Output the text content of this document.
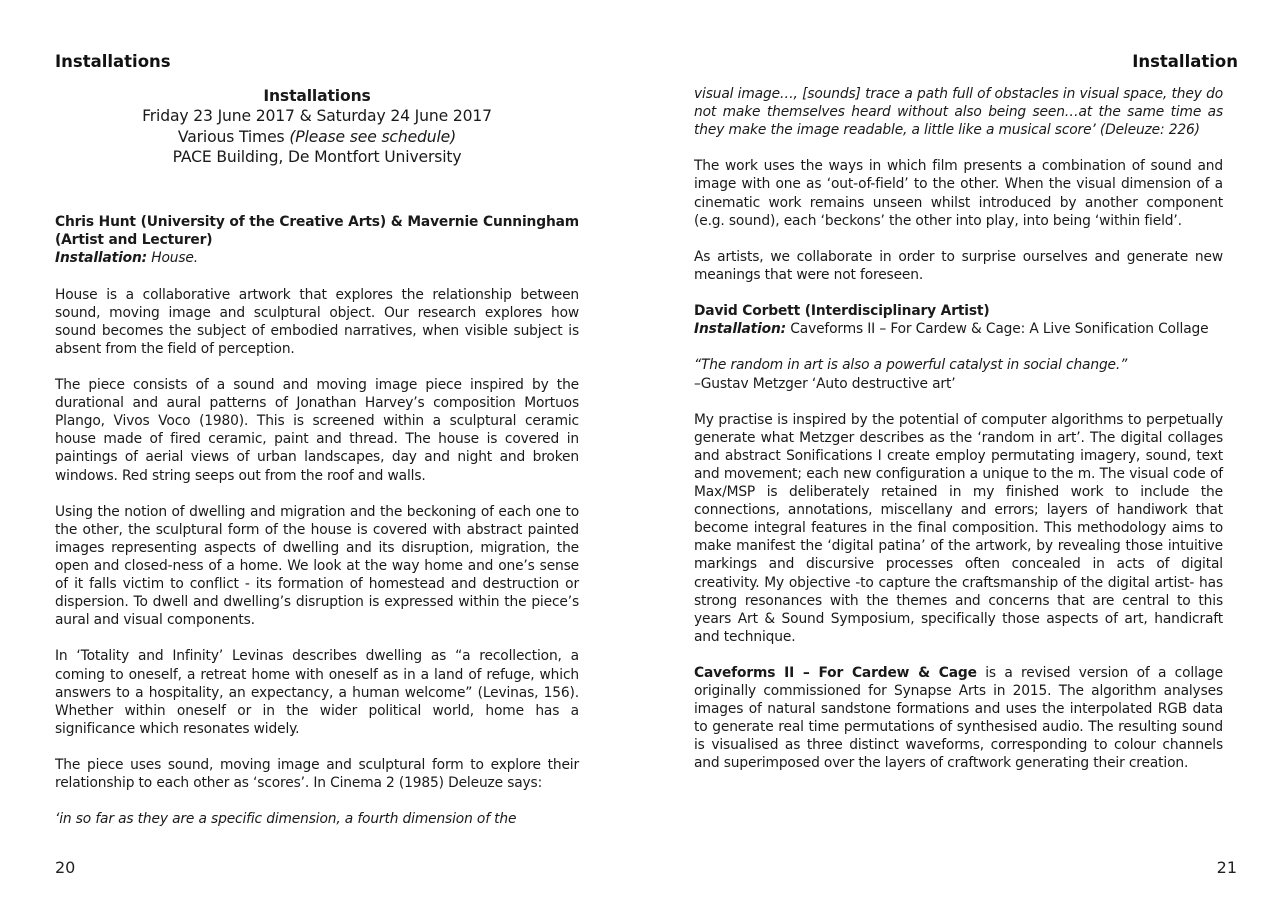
Installations
Installations
Friday 23 June 2017 & Saturday 24 June 2017
Various Times (Please see schedule)
PACE Building, De Montfort University

Chris Hunt (University of the Creative Arts) & Mavernie Cunningham (Artist and Lecturer)

Installation: House.

House is a collaborative artwork that explores the relationship between sound, moving image and sculptural object. Our research explores how sound becomes the subject of embodied narratives, when visible subject is absent from the field of perception.

The piece consists of a sound and moving image piece inspired by the durational and aural patterns of Jonathan Harvey’s composition Mortuos Plango, Vivos Voco (1980). This is screened within a sculptural ceramic house made of fired ceramic, paint and thread. The house is covered in paintings of aerial views of urban landscapes, day and night and broken windows. Red string seeps out from the roof and walls.

Using the notion of dwelling and migration and the beckoning of each one to the other, the sculptural form of the house is covered with abstract painted images representing aspects of dwelling and its disruption, migration, the open and closed-ness of a home. We look at the way home and one’s sense of it falls victim to conflict - its formation of homestead and destruction or dispersion. To dwell and dwelling’s disruption is expressed within the piece’s aural and visual components.

In ‘Totality and Infinity’ Levinas describes dwelling as “a recollection, a coming to oneself, a retreat home with oneself as in a land of refuge, which answers to a hospitality, an expectancy, a human welcome” (Levinas, 156). Whether within oneself or in the wider political world, home has a significance which resonates widely.

The piece uses sound, moving image and sculptural form to explore their relationship to each other as ‘scores’. In Cinema 2 (1985) Deleuze says:

‘in so far as they are a specific dimension, a fourth dimension of the

20
Installation

visual image…, [sounds] trace a path full of obstacles in visual space, they do not make themselves heard without also being seen…at the same time as they make the image readable, a little like a musical score’ (Deleuze: 226)

The work uses the ways in which film presents a combination of sound and image with one as ‘out-of-field’ to the other. When the visual dimension of a cinematic work remains unseen whilst introduced by another component (e.g. sound), each ‘beckons’ the other into play, into being ‘within field’.

As artists, we collaborate in order to surprise ourselves and generate new meanings that were not foreseen.

David Corbett (Interdisciplinary Artist)

Installation: Caveforms II – For Cardew & Cage: A Live Sonification Collage

“The random in art is also a powerful catalyst in social change.”

–Gustav Metzger ‘Auto destructive art’

My practise is inspired by the potential of computer algorithms to perpetually generate what Metzger describes as the ‘random in art’. The digital collages and abstract Sonifications I create employ permutating imagery, sound, text and movement; each new configuration a unique to the m. The visual code of Max/MSP is deliberately retained in my finished work to include the connections, annotations, miscellany and errors; layers of handiwork that become integral features in the final composition. This methodology aims to make manifest the ‘digital patina’ of the artwork, by revealing those intuitive markings and discursive processes often concealed in acts of digital creativity. My objective -to capture the craftsmanship of the digital artist- has strong resonances with the themes and concerns that are central to this years Art & Sound Symposium, specifically those aspects of art, handicraft and technique.

Caveforms II – For Cardew & Cage is a revised version of a collage originally commissioned for Synapse Arts in 2015. The algorithm analyses images of natural sandstone formations and uses the interpolated RGB data to generate real time permutations of synthesised audio. The resulting sound is visualised as three distinct waveforms, corresponding to colour channels and superimposed over the layers of craftwork generating their creation.

21
